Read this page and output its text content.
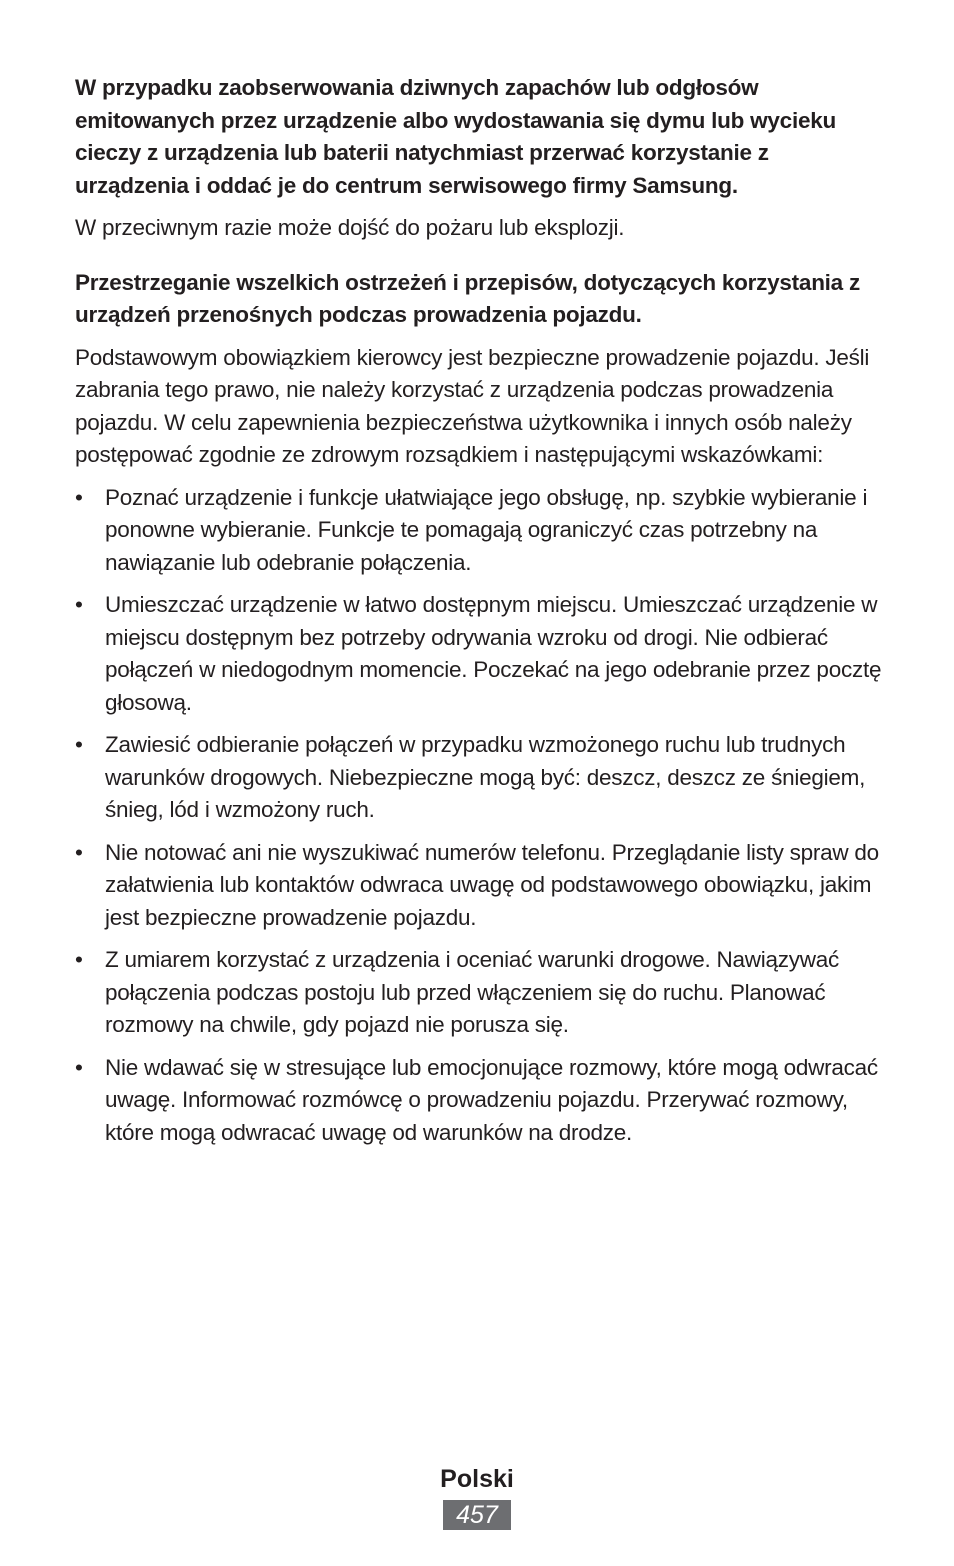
W przypadku zaobserwowania dziwnych zapachów lub odgłosów emitowanych przez urządzenie albo wydostawania się dymu lub wycieku cieczy z urządzenia lub baterii natychmiast przerwać korzystanie z urządzenia i oddać je do centrum serwisowego firmy Samsung.

W przeciwnym razie może dojść do pożaru lub eksplozji.

Przestrzeganie wszelkich ostrzeżeń i przepisów, dotyczących korzystania z urządzeń przenośnych podczas prowadzenia pojazdu.

Podstawowym obowiązkiem kierowcy jest bezpieczne prowadzenie pojazdu. Jeśli zabrania tego prawo, nie należy korzystać z urządzenia podczas prowadzenia pojazdu. W celu zapewnienia bezpieczeństwa użytkownika i innych osób należy postępować zgodnie ze zdrowym rozsądkiem i następującymi wskazówkami:

• Poznać urządzenie i funkcje ułatwiające jego obsługę, np. szybkie wybieranie i ponowne wybieranie. Funkcje te pomagają ograniczyć czas potrzebny na nawiązanie lub odebranie połączenia.
• Umieszczać urządzenie w łatwo dostępnym miejscu. Umieszczać urządzenie w miejscu dostępnym bez potrzeby odrywania wzroku od drogi. Nie odbierać połączeń w niedogodnym momencie. Poczekać na jego odebranie przez pocztę głosową.
• Zawiesić odbieranie połączeń w przypadku wzmożonego ruchu lub trudnych warunków drogowych. Niebezpieczne mogą być: deszcz, deszcz ze śniegiem, śnieg, lód i wzmożony ruch.
• Nie notować ani nie wyszukiwać numerów telefonu. Przeglądanie listy spraw do załatwienia lub kontaktów odwraca uwagę od podstawowego obowiązku, jakim jest bezpieczne prowadzenie pojazdu.
• Z umiarem korzystać z urządzenia i oceniać warunki drogowe. Nawiązywać połączenia podczas postoju lub przed włączeniem się do ruchu. Planować rozmowy na chwile, gdy pojazd nie porusza się.
• Nie wdawać się w stresujące lub emocjonujące rozmowy, które mogą odwracać uwagę. Informować rozmówcę o prowadzeniu pojazdu. Przerywać rozmowy, które mogą odwracać uwagę od warunków na drodze.
Polski
457
